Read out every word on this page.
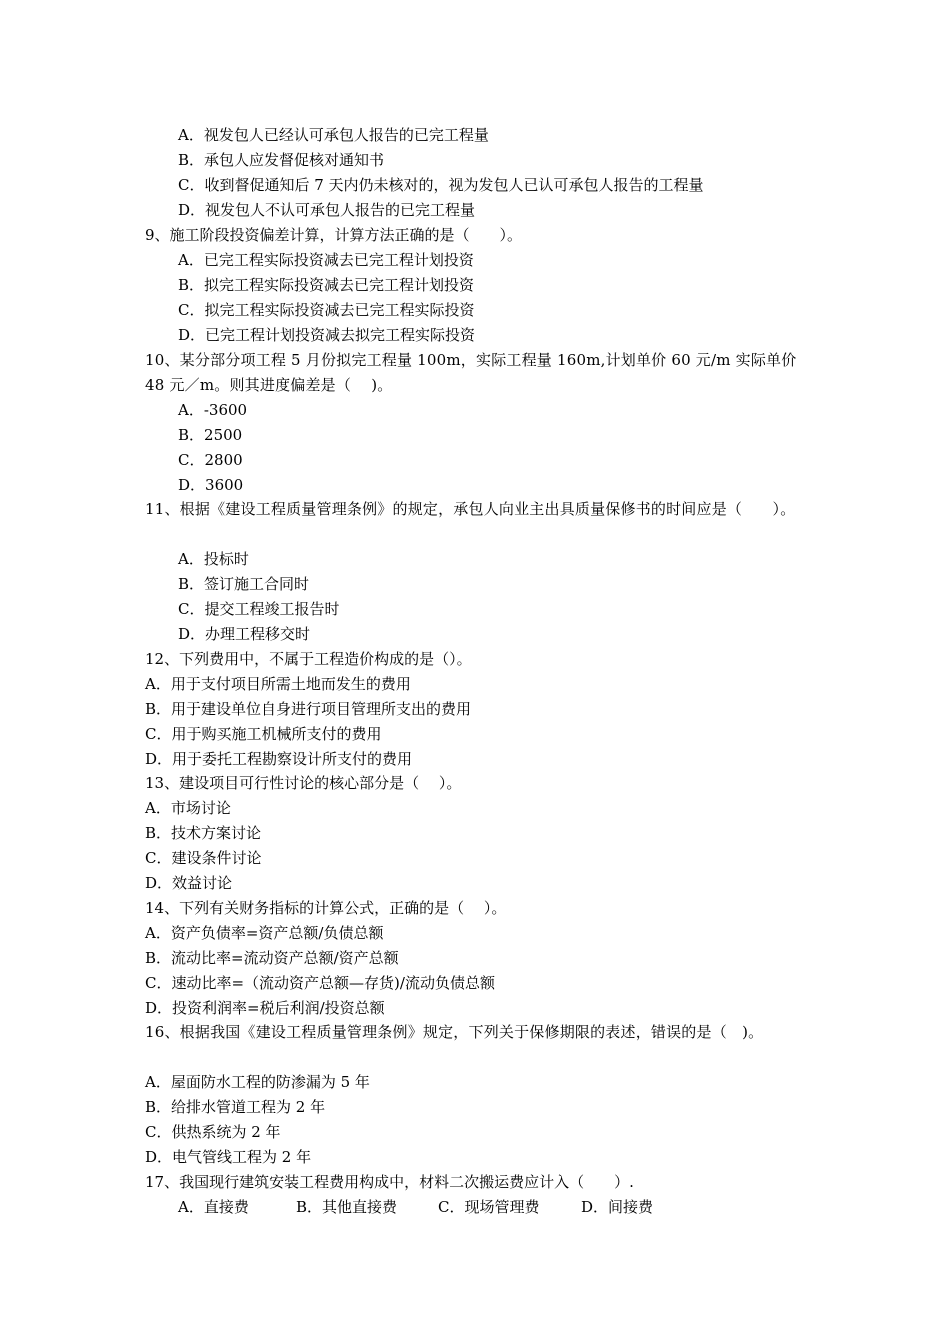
A．视发包人已经认可承包人报告的已完工程量
B．承包人应发督促核对通知书
C．收到督促通知后 7 天内仍未核对的，视为发包人已认可承包人报告的工程量
D．视发包人不认可承包人报告的已完工程量
9、施工阶段投资偏差计算，计算方法正确的是（　　）。
A．已完工程实际投资减去已完工程计划投资
B．拟完工程实际投资减去已完工程计划投资
C．拟完工程实际投资减去已完工程实际投资
D．已完工程计划投资减去拟完工程实际投资
10、某分部分项工程 5 月份拟完工程量 100m，实际工程量 160m,计划单价 60 元/m 实际单价 48 元／m。则其进度偏差是（　 )。
A．-3600
B．2500
C．2800
D．3600
11、根据《建设工程质量管理条例》的规定，承包人向业主出具质量保修书的时间应是（　　）。
A．投标时
B．签订施工合同时
C．提交工程竣工报告时
D．办理工程移交时
12、下列费用中，不属于工程造价构成的是（）。
A．用于支付项目所需土地而发生的费用
B．用于建设单位自身进行项目管理所支出的费用
C．用于购买施工机械所支付的费用
D．用于委托工程勘察设计所支付的费用
13、建设项目可行性讨论的核心部分是（　 ）。
A．市场讨论
B．技术方案讨论
C．建设条件讨论
D．效益讨论
14、下列有关财务指标的计算公式，正确的是（　 ）。
A．资产负债率=资产总额/负债总额
B．流动比率=流动资产总额/资产总额
C．速动比率=（流动资产总额—存货)/流动负债总额
D．投资利润率=税后利润/投资总额
16、根据我国《建设工程质量管理条例》规定，下列关于保修期限的表述，错误的是（　)。
A．屋面防水工程的防渗漏为 5 年
B．给排水管道工程为 2 年
C．供热系统为 2 年
D．电气管线工程为 2 年
17、我国现行建筑安装工程费用构成中，材料二次搬运费应计入（　　）.
A．直接费	B．其他直接费	C．现场管理费	D．间接费
